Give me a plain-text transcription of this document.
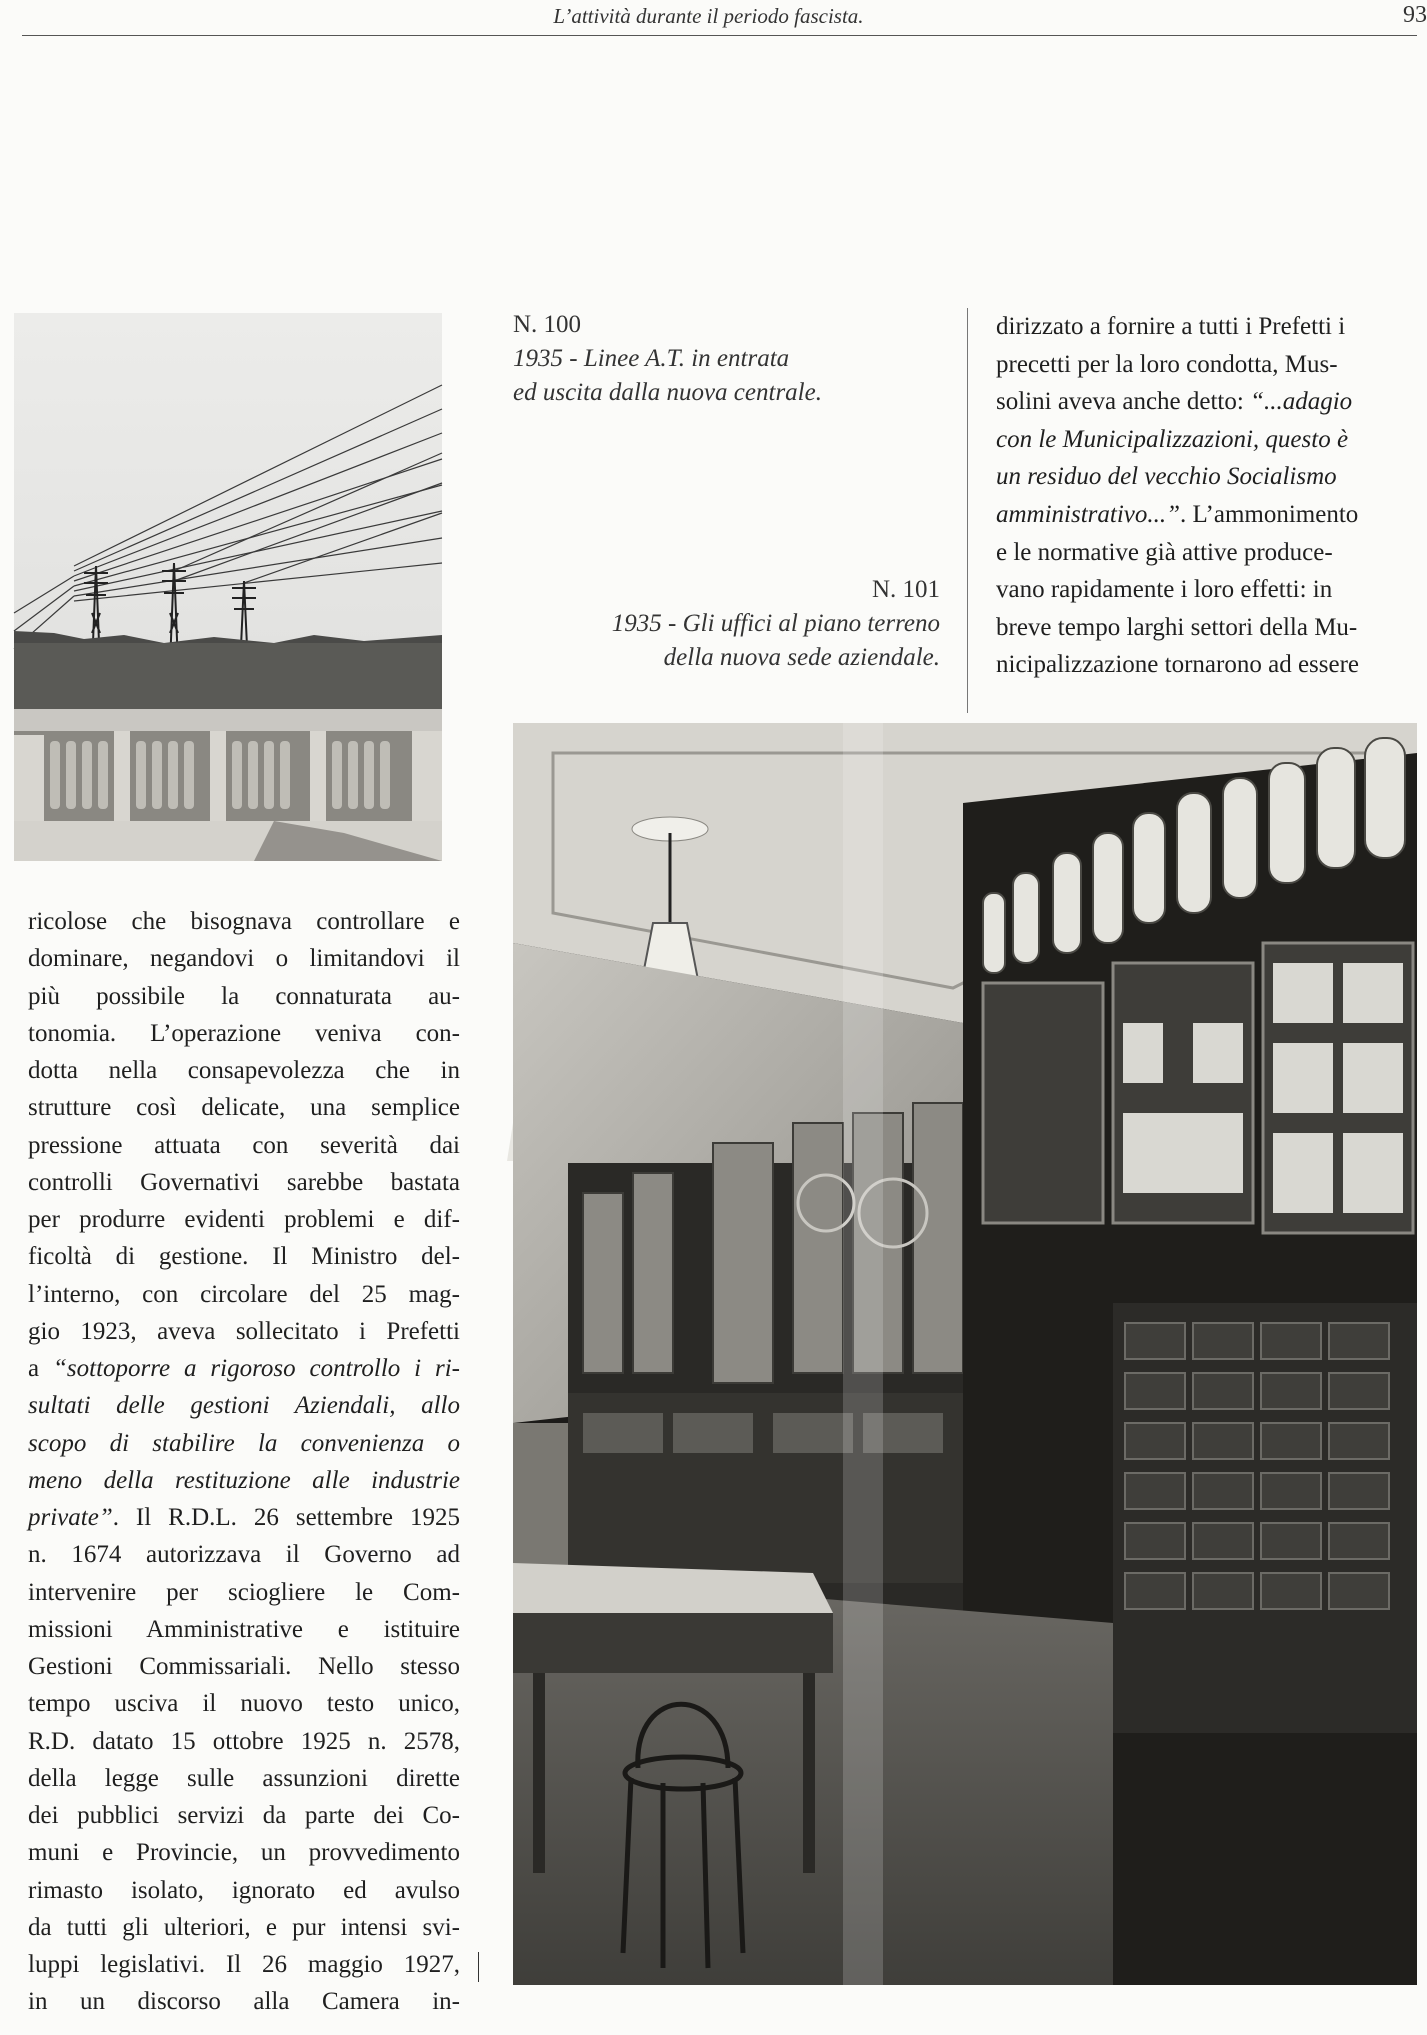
L’attività durante il periodo fascista.	93
N. 100
1935 - Linee A.T. in entrata
ed uscita dalla nuova centrale.
N. 101
1935 - Gli uffici al piano terreno
della nuova sede aziendale.
dirizzato a fornire a tutti i Prefetti i
precetti per la loro condotta, Mus-
solini aveva anche detto: “...adagio
con le Municipalizzazioni, questo è
un residuo del vecchio Socialismo
amministrativo...”. L’ammonimento
e le normative già attive produce-
vano rapidamente i loro effetti: in
breve tempo larghi settori della Mu-
nicipalizzazione tornarono ad essere
ricolose che bisognava controllare e
dominare, negandovi o limitandovi il
più possibile la connaturata au-
tonomia. L’operazione veniva con-
dotta nella consapevolezza che in
strutture così delicate, una semplice
pressione attuata con severità dai
controlli Governativi sarebbe bastata
per produrre evidenti problemi e dif-
ficoltà di gestione. Il Ministro del-
l’interno, con circolare del 25 mag-
gio 1923, aveva sollecitato i Prefetti
a “sottoporre a rigoroso controllo i ri-
sultati delle gestioni Aziendali, allo
scopo di stabilire la convenienza o
meno della restituzione alle industrie
private”. Il R.D.L. 26 settembre 1925
n. 1674 autorizzava il Governo ad
intervenire per sciogliere le Com-
missioni Amministrative e istituire
Gestioni Commissariali. Nello stesso
tempo usciva il nuovo testo unico,
R.D. datato 15 ottobre 1925 n. 2578,
della legge sulle assunzioni dirette
dei pubblici servizi da parte dei Co-
muni e Provincie, un provvedimento
rimasto isolato, ignorato ed avulso
da tutti gli ulteriori, e pur intensi svi-
luppi legislativi. Il 26 maggio 1927,
in un discorso alla Camera in-
